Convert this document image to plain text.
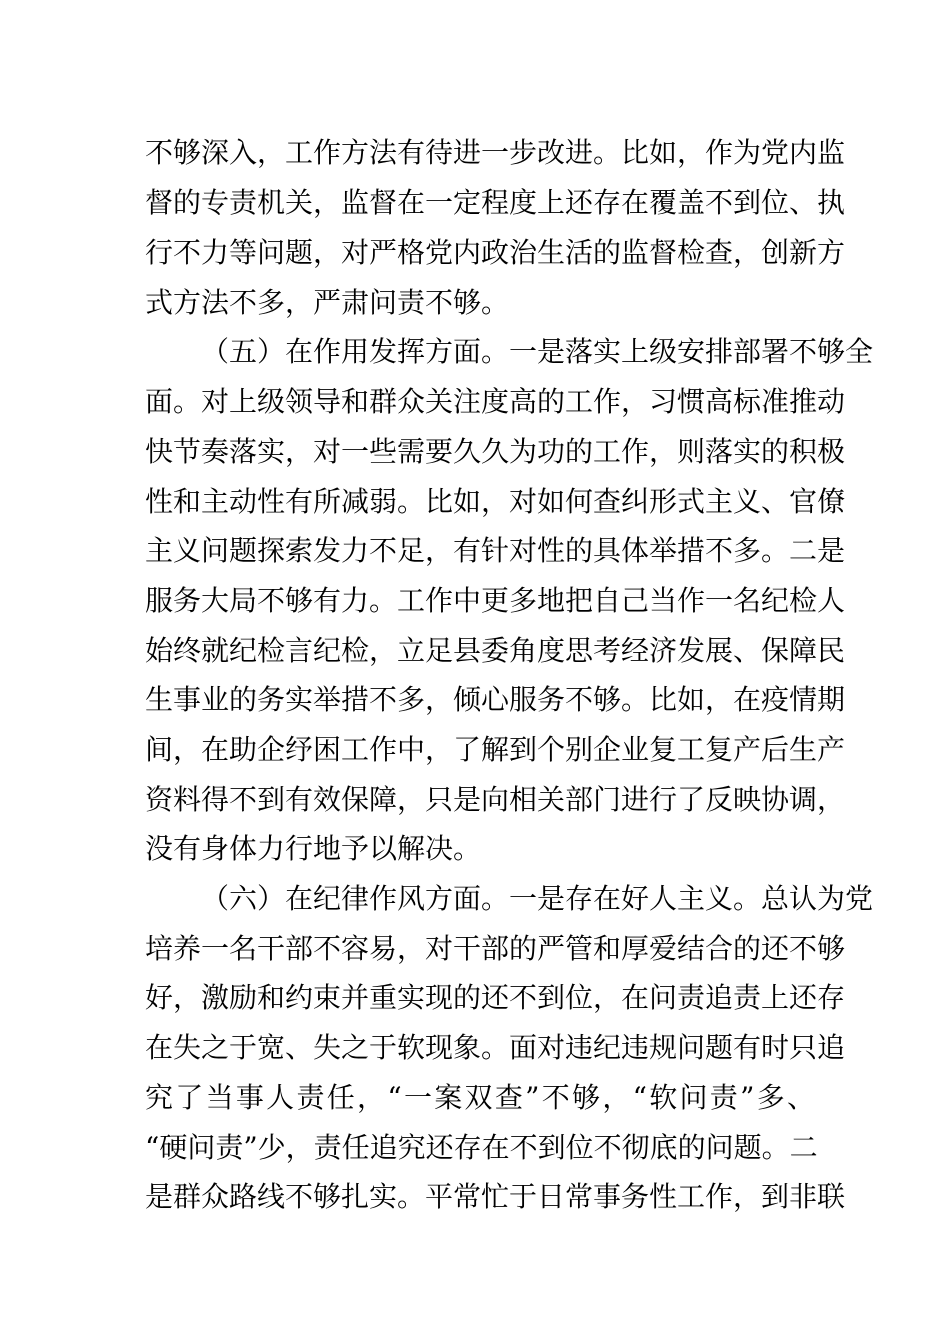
不够深入，工作方法有待进一步改进。比如，作为党内监
督的专责机关，监督在一定程度上还存在覆盖不到位、执
行不力等问题，对严格党内政治生活的监督检查，创新方
式方法不多，严肃问责不够。
（五）在作用发挥方面。一是落实上级安排部署不够全
面。对上级领导和群众关注度高的工作，习惯高标准推动
快节奏落实，对一些需要久久为功的工作，则落实的积极
性和主动性有所减弱。比如，对如何查纠形式主义、官僚
主义问题探索发力不足，有针对性的具体举措不多。二是
服务大局不够有力。工作中更多地把自己当作一名纪检人
始终就纪检言纪检，立足县委角度思考经济发展、保障民
生事业的务实举措不多，倾心服务不够。比如，在疫情期
间，在助企纾困工作中，了解到个别企业复工复产后生产
资料得不到有效保障，只是向相关部门进行了反映协调，
没有身体力行地予以解决。
（六）在纪律作风方面。一是存在好人主义。总认为党
培养一名干部不容易，对干部的严管和厚爱结合的还不够
好，激励和约束并重实现的还不到位，在问责追责上还存
在失之于宽、失之于软现象。面对违纪违规问题有时只追
究了当事人责任，“一案双查”不够，“软问责”多、
“硬问责”少，责任追究还存在不到位不彻底的问题。二
是群众路线不够扎实。平常忙于日常事务性工作，到非联
